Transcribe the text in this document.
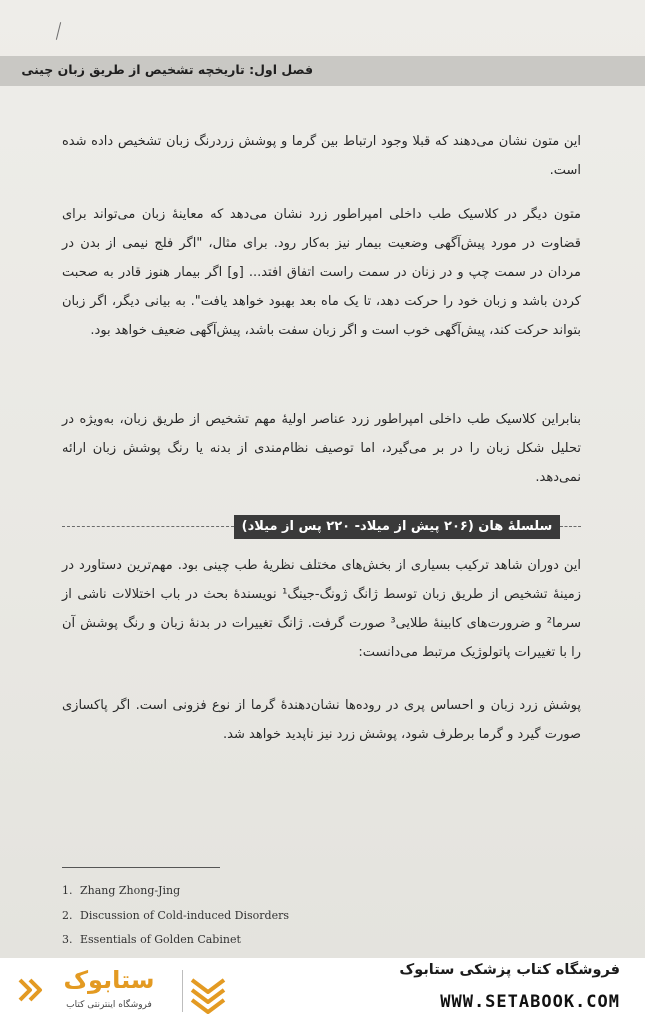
فصل اول: تاریخچه تشخیص از طریق زبان چینی

این متون نشان می‌دهند که قبلا وجود ارتباط بین گرما و پوشش زردرنگ زبان تشخیص داده شده است.

متون دیگر در کلاسیک طب داخلی امپراطور زرد نشان می‌دهد که معاینهٔ زبان می‌تواند برای قضاوت در مورد پیش‌آگهی وضعیت بیمار نیز به‌کار رود. برای مثال، "اگر فلج نیمی از بدن در مردان در سمت چپ و در زنان در سمت راست اتفاق افتد... [و] اگر بیمار هنوز قادر به صحبت کردن باشد و زبان خود را حرکت دهد، تا یک ماه بعد بهبود خواهد یافت". به بیانی دیگر، اگر زبان بتواند حرکت کند، پیش‌آگهی خوب است و اگر زبان سفت باشد، پیش‌آگهی ضعیف خواهد بود.

بنابراین کلاسیک طب داخلی امپراطور زرد عناصر اولیهٔ مهم تشخیص از طریق زبان، به‌ویژه در تحلیل شکل زبان را در بر می‌گیرد، اما توصیف نظام‌مندی از بدنه یا رنگ پوشش زبان ارائه نمی‌دهد.

سلسلهٔ هان (۲۰۶ پیش از میلاد- ۲۲۰ پس از میلاد)

این دوران شاهد ترکیب بسیاری از بخش‌های مختلف نظریهٔ طب چینی بود. مهم‌ترین دستاورد در زمینهٔ تشخیص از طریق زبان توسط ژانگ ژونگ-جینگ¹ نویسندهٔ بحث در باب اختلالات ناشی از سرما² و ضرورت‌های کابینهٔ طلایی³ صورت گرفت. ژانگ تغییرات در بدنهٔ زبان و رنگ پوشش آن را با تغییرات پاتولوژیک مرتبط می‌دانست:

پوشش زرد زبان و احساس پری در روده‌ها نشان‌دهندهٔ گرما از نوع فزونی است. اگر پاکسازی صورت گیرد و گرما برطرف شود، پوشش زرد نیز ناپدید خواهد شد.

1. Zhang Zhong-Jing
2. Discussion of Cold-induced Disorders
3. Essentials of Golden Cabinet
ستابوک
فروشگاه اینترنتی کتاب
فروشگاه کتاب پزشکی ستابوک
WWW.SETABOOK.COM
